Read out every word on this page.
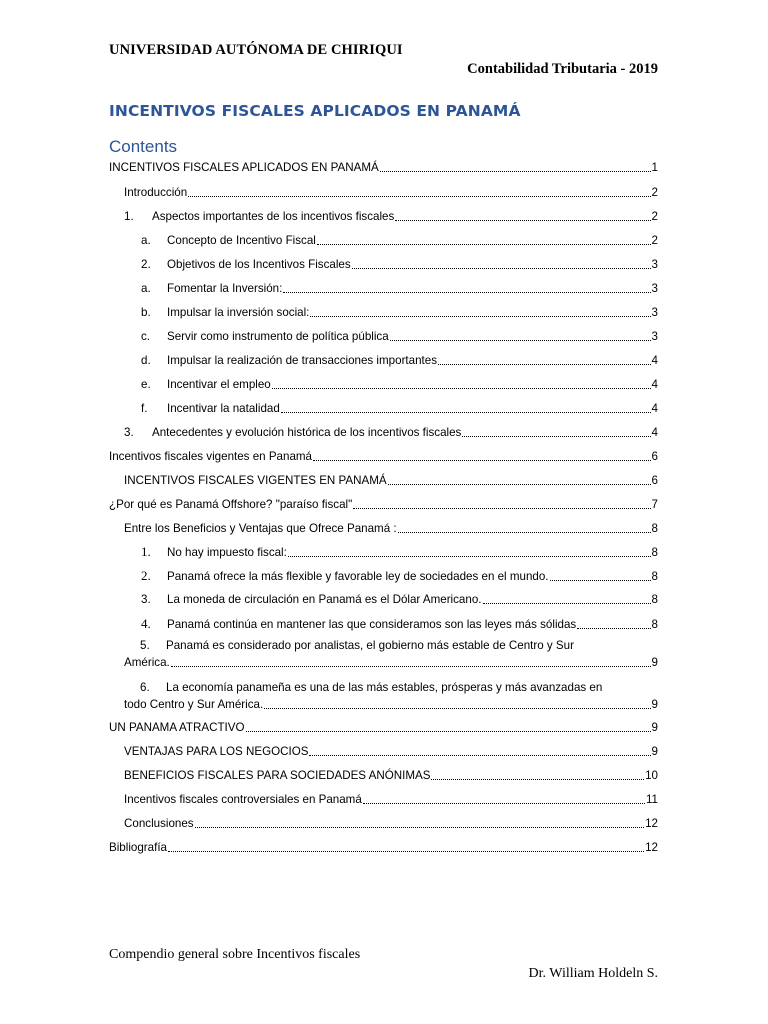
UNIVERSIDAD AUTÓNOMA DE CHIRIQUI
Contabilidad Tributaria - 2019
INCENTIVOS FISCALES APLICADOS EN PANAMÁ
Contents
INCENTIVOS FISCALES APLICADOS EN PANAMÁ	1
Introducción	2
1.	Aspectos importantes de los incentivos fiscales	2
a.	Concepto de Incentivo Fiscal	2
2.	Objetivos de los Incentivos Fiscales	3
a.	Fomentar la Inversión:	3
b.	Impulsar la inversión social:	3
c.	Servir como instrumento de política pública	3
d.	Impulsar la realización de transacciones importantes	4
e.	Incentivar el empleo	4
f.	Incentivar la natalidad	4
3.	Antecedentes y evolución histórica de los incentivos fiscales	4
Incentivos fiscales vigentes en Panamá	6
INCENTIVOS FISCALES VIGENTES EN PANAMÁ	6
¿Por qué es Panamá Offshore? "paraíso fiscal"	7
Entre los Beneficios y Ventajas que Ofrece Panamá :	8
1.	No hay impuesto fiscal:	8
2.	Panamá ofrece la más flexible y favorable ley de sociedades en el mundo.	8
3.	La moneda de circulación en Panamá es el Dólar Americano.	8
4.	Panamá continúa en mantener las que consideramos son las leyes más sólidas	8
5. Panamá es considerado por analistas, el gobierno más estable de Centro y Sur
América.	9
6. La economía panameña es una de las más estables, prósperas y más avanzadas en
todo Centro y Sur América.	9
UN PANAMA ATRACTIVO	9
VENTAJAS PARA LOS NEGOCIOS	9
BENEFICIOS FISCALES PARA SOCIEDADES ANÓNIMAS	10
Incentivos fiscales controversiales en Panamá	11
Conclusiones	12
Bibliografía	12
Compendio general sobre Incentivos fiscales
Dr. William Holdeln S.
